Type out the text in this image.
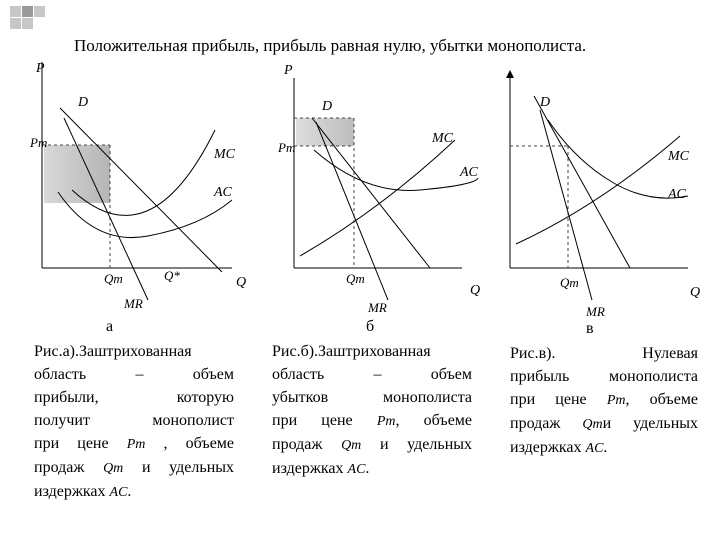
Положительная прибыль, прибыль равная нулю, убытки монополиста.
P
D
Pm
MC
AC
Qm	Q*	Q
MR
P
D
Pm
MC
AC
Qm
Q
MR
D
MC
AC
Qm
Q
MR
а	б	в
Рис.а).Заштрихованная
область – объем
прибыли, которую
получит монополист
при цене Pm , объеме
продаж Qm и удельных
издержках AC.
Рис.б).Заштрихованная
область – объем
убытков монополиста
при цене Pm, объеме
продаж Qm и удельных
издержках AC.
Рис.в). Нулевая
прибыль монополиста
при цене Pm, объеме
продаж Qmи удельных
издержках AC.
